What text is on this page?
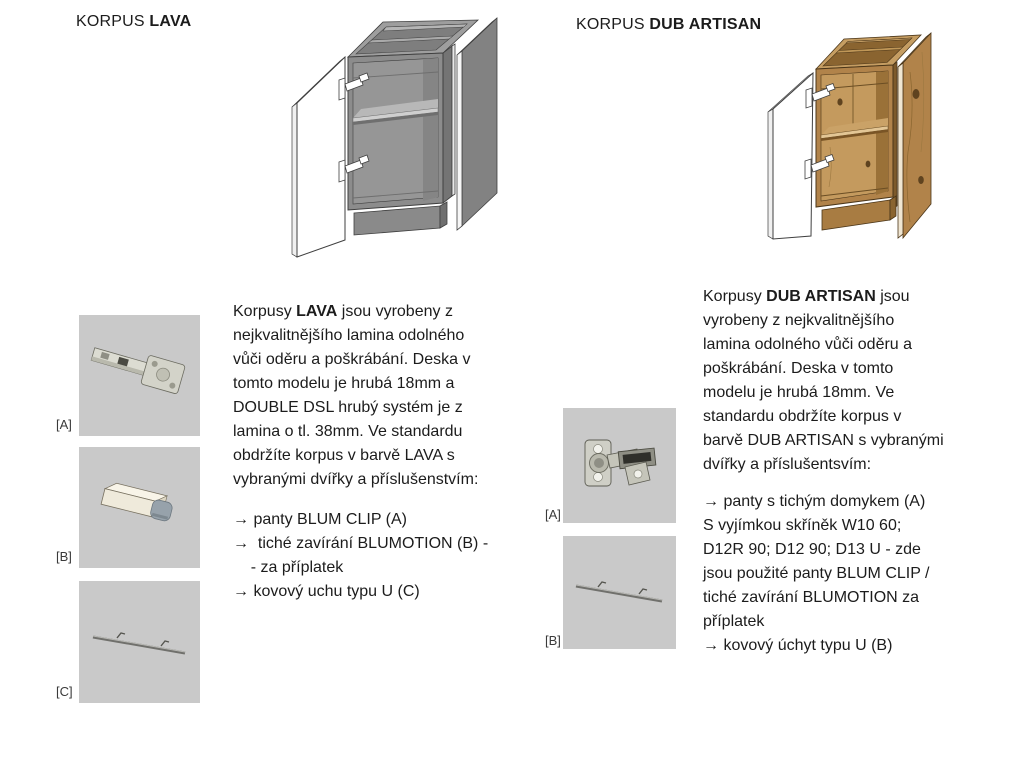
KORPUS LAVA
[A]
[B]
[C]
Korpusy LAVA jsou vyrobeny z
nejkvalitnějšího lamina odolného
vůči oděru a poškrábání. Deska v
tomto modelu je hrubá 18mm a
DOUBLE DSL hrubý systém je z
lamina o tl. 38mm. Ve standardu
obdržíte korpus v barvě LAVA s
vybranými dvířky a příslušenstvím:
→ panty BLUM CLIP (A)
→  tiché zavírání BLUMOTION (B) -
- za příplatek
→ kovový uchu typu U (C)
KORPUS DUB ARTISAN
[A]
[B]
Korpusy DUB ARTISAN jsou
vyrobeny z nejkvalitnějšího
lamina odolného vůči oděru a
poškrábání. Deska v tomto
modelu je hrubá 18mm. Ve
standardu obdržíte korpus v
barvě DUB ARTISAN s vybranými
dvířky a příslušentsvím:
→ panty s tichým domykem (A)
S vyjímkou skříněk W10 60;
D12R 90; D12 90; D13 U - zde
jsou použité panty BLUM CLIP /
tiché zavírání BLUMOTION za
příplatek
→ kovový úchyt typu U (B)
